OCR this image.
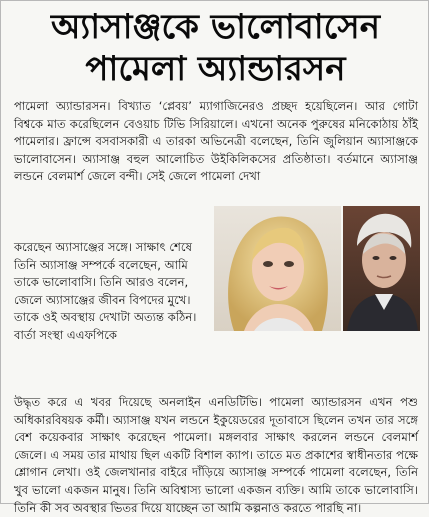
অ্যাসাঞ্জকে ভালোবাসেন
পামেলা অ্যান্ডারসন

পামেলা অ্যান্ডারসন। বিখ্যাত ‘প্লেবয়’ ম্যাগাজিনেরও প্রচ্ছদ হয়েছিলেন। আর গোটা বিশ্বকে মাত করেছিলেন বেওয়াচ টিভি সিরিয়ালে। এখনো অনেক পুরুষের মনিকোঠায় ঠাঁই পামেলার। ফ্রান্সে বসবাসকারী এ তারকা অভিনেত্রী বলেছেন, তিনি জুলিয়ান অ্যাসাঞ্জকে ভালোবাসেন। অ্যাসাঞ্জ বহুল আলোচিত উইকিলিকসের প্রতিষ্ঠাতা। বর্তমানে অ্যাসাঞ্জ লন্ডনে বেলমার্শ জেলে বন্দী। সেই জেলে পামেলা দেখা

করেছেন অ্যাসাঞ্জের সঙ্গে। সাক্ষাৎ শেষে তিনি অ্যাসাঞ্জ সম্পর্কে বলেছেন, আমি তাকে ভালোবাসি। তিনি আরও বলেন, জেলে অ্যাসাঞ্জের জীবন বিপদের মুখে। তাকে ওই অবস্থায় দেখাটা অত্যন্ত কঠিন। বার্তা সংস্থা এএফপিকে

উদ্ধৃত করে এ খবর দিয়েছে অনলাইন এনডিটিভি। পামেলা অ্যান্ডারসন এখন পশু অধিকারবিষয়ক কর্মী। অ্যাসাঞ্জ যখন লন্ডনে ইকুয়েডরের দূতাবাসে ছিলেন তখন তার সঙ্গে বেশ কয়েকবার সাক্ষাৎ করেছেন পামেলা। মঙ্গলবার সাক্ষাৎ করলেন লন্ডনে বেলমার্শ জেলে। এ সময় তার মাথায় ছিল একটি বিশাল ক্যাপ। তাতে মত প্রকাশের স্বাধীনতার পক্ষে শ্লোগান লেখা। ওই জেলখানার বাইরে দাঁড়িয়ে অ্যাসাঞ্জ সম্পর্কে পামেলা বলেছেন, তিনি খুব ভালো একজন মানুষ। তিনি অবিশ্বাস্য ভালো একজন ব্যক্তি। আমি তাকে ভালোবাসি। তিনি কী সব অবস্থার ভিতর দিয়ে যাচ্ছেন তা আমি কল্পনাও করতে পারছি না।
